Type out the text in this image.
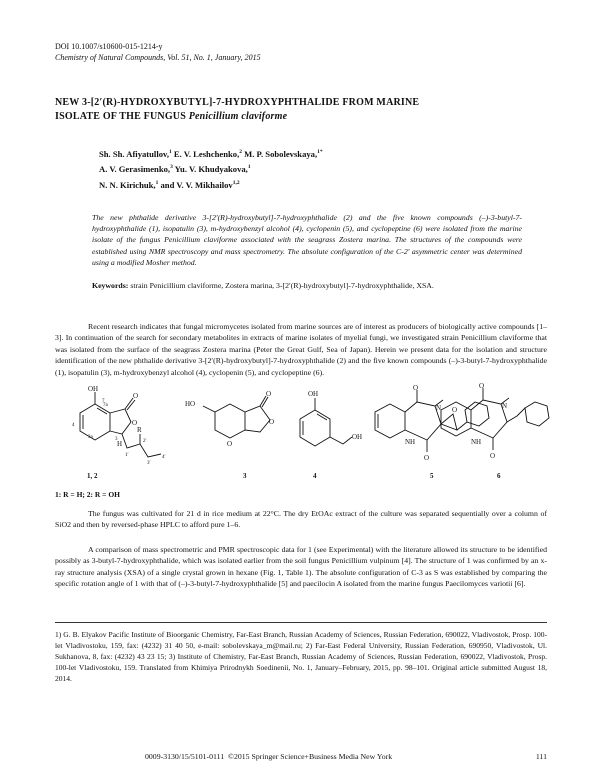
DOI 10.1007/s10600-015-1214-y
Chemistry of Natural Compounds, Vol. 51, No. 1, January, 2015
NEW 3-[2′(R)-HYDROXYBUTYL]-7-HYDROXYPHTHALIDE FROM MARINE
ISOLATE OF THE FUNGUS Penicillium claviforme
Sh. Sh. Afiyatullov,$^1$ E. V. Leshchenko,$^2$ M. P. Sobolevskaya,$^{1*}$
A. V. Gerasimenko,$^3$ Yu. V. Khudyakova,$^1$
N. N. Kirichuk,$^1$ and V. V. Mikhailov$^{1,2}$
The new phthalide derivative 3-[2′(R)-hydroxybutyl]-7-hydroxyphthalide (2) and the five known compounds (–)-3-butyl-7-hydroxyphthalide (1), isopatulin (3), m-hydroxybenzyl alcohol (4), cyclopenin (5), and cyclopeptine (6) were isolated from the marine isolate of the fungus Penicillium claviforme associated with the seagrass Zostera marina. The structures of the compounds were established using NMR spectroscopy and mass spectrometry. The absolute configuration of the C-2′ asymmetric center was determined using a modified Mosher method.
Keywords: strain Penicillium claviforme, Zostera marina, 3-[2′(R)-hydroxybutyl]-7-hydroxyphthalide, XSA.
Recent research indicates that fungal micromycetes isolated from marine sources are of interest as producers of biologically active compounds [1–3]. In continuation of the search for secondary metabolites in extracts of marine isolates of myelial fungi, we investigated strain Penicillium claviforme that was isolated from the surface of the seagrass Zostera marina (Peter the Great Gulf, Sea of Japan). Herein we present data for the isolation and structure identification of the new phthalide derivative 3-[2′(R)-hydroxybutyl]-7-hydroxyphthalide (2) and the five known compounds (–)-3-butyl-7-hydroxyphthalide (1), isopatulin (3), m-hydroxybenzyl alcohol (4), cyclopenin (5), and cyclopeptine (6).
OH
O
O
R
H
4
3a
7a
7
3
1′
2′
3′
4′
1, 2
HO
O
O
O
3
OH
OH
4
O
N
NH
O
O
5
O
N
NH
O
6
1: R = H; 2: R = OH
The fungus was cultivated for 21 d in rice medium at 22°C. The dry EtOAc extract of the culture was separated sequentially over a column of SiO2 and then by reversed-phase HPLC to afford pure 1–6.
A comparison of mass spectrometric and PMR spectroscopic data for 1 (see Experimental) with the literature allowed its structure to be identified possibly as 3-butyl-7-hydroxyphthalide, which was isolated earlier from the soil fungus Penicillium vulpinum [4]. The structure of 1 was confirmed by an x-ray structure analysis (XSA) of a single crystal grown in hexane (Fig. 1, Table 1). The absolute configuration of C-3 as S was established by comparing the specific rotation angle of 1 with that of (–)-3-butyl-7-hydroxyphthalide [5] and paecilocin A isolated from the marine fungus Paecilomyces variotii [6].
1) G. B. Elyakov Pacific Institute of Bioorganic Chemistry, Far-East Branch, Russian Academy of Sciences, Russian Federation, 690022, Vladivostok, Prosp. 100-let Vladivostoku, 159, fax: (4232) 31 40 50, e-mail: sobolevskaya_m@mail.ru; 2) Far-East Federal University, Russian Federation, 690950, Vladivostok, Ul. Sukhanova, 8, fax: (4232) 43 23 15; 3) Institute of Chemistry, Far-East Branch, Russian Academy of Sciences, Russian Federation, 690022, Vladivostok, Prosp. 100-let Vladivostoku, 159. Translated from Khimiya Prirodnykh Soedinenii, No. 1, January–February, 2015, pp. 98–101. Original article submitted August 18, 2014.
0009-3130/15/5101-0111 ©2015 Springer Science+Business Media New York	111
